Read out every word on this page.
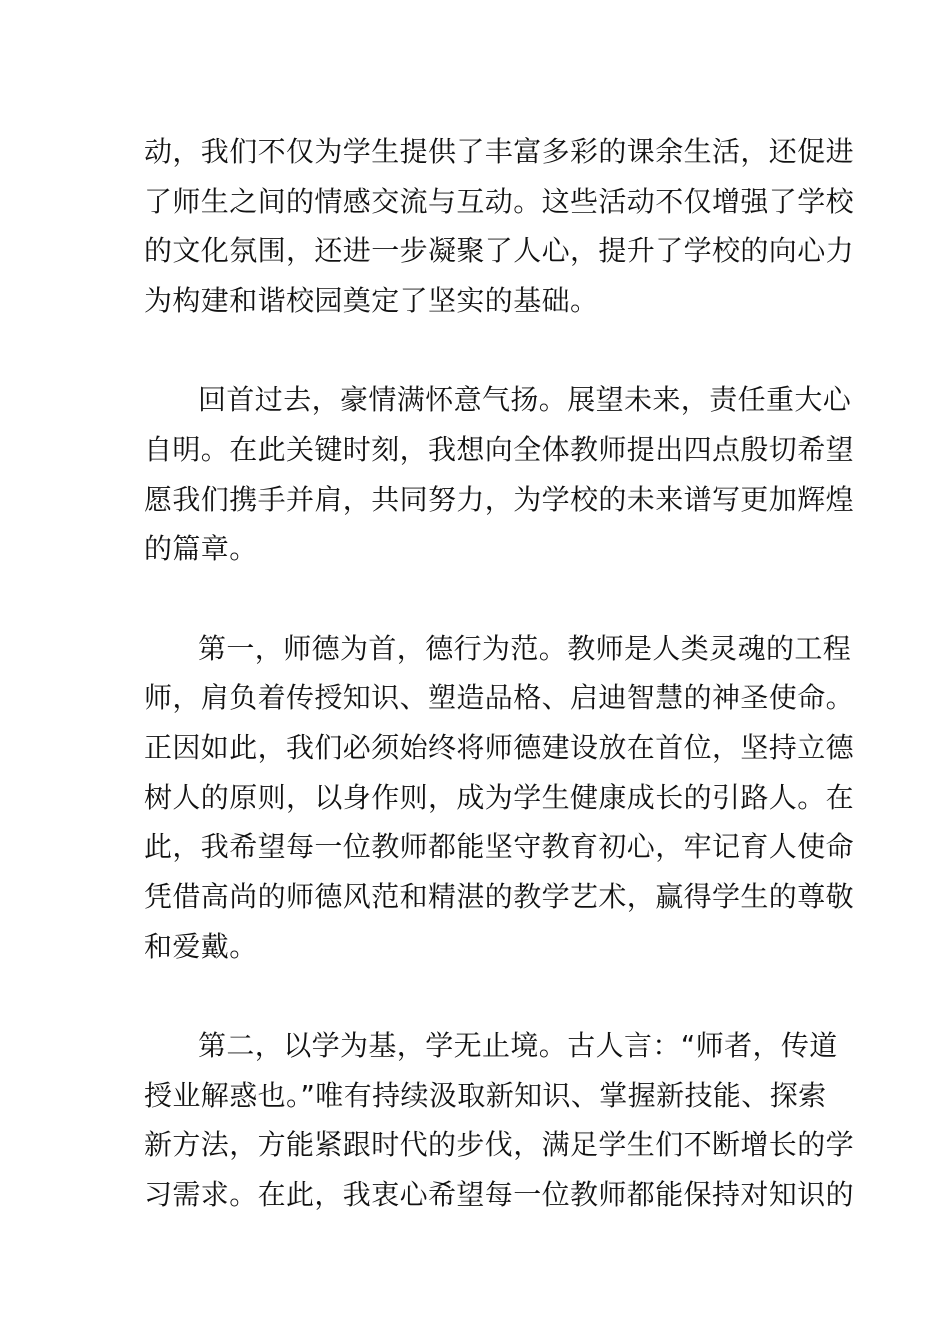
动，我们不仅为学生提供了丰富多彩的课余生活，还促进
了师生之间的情感交流与互动。这些活动不仅增强了学校
的文化氛围，还进一步凝聚了人心，提升了学校的向心力
为构建和谐校园奠定了坚实的基础。
回首过去，豪情满怀意气扬。展望未来，责任重大心
自明。在此关键时刻，我想向全体教师提出四点殷切希望
愿我们携手并肩，共同努力，为学校的未来谱写更加辉煌
的篇章。
第一，师德为首，德行为范。教师是人类灵魂的工程
师，肩负着传授知识、塑造品格、启迪智慧的神圣使命。
正因如此，我们必须始终将师德建设放在首位，坚持立德
树人的原则，以身作则，成为学生健康成长的引路人。在
此，我希望每一位教师都能坚守教育初心，牢记育人使命
凭借高尚的师德风范和精湛的教学艺术，赢得学生的尊敬
和爱戴。
第二，以学为基，学无止境。古人言：“师者，传道
授业解惑也。”唯有持续汲取新知识、掌握新技能、探索
新方法，方能紧跟时代的步伐，满足学生们不断增长的学
习需求。在此，我衷心希望每一位教师都能保持对知识的
